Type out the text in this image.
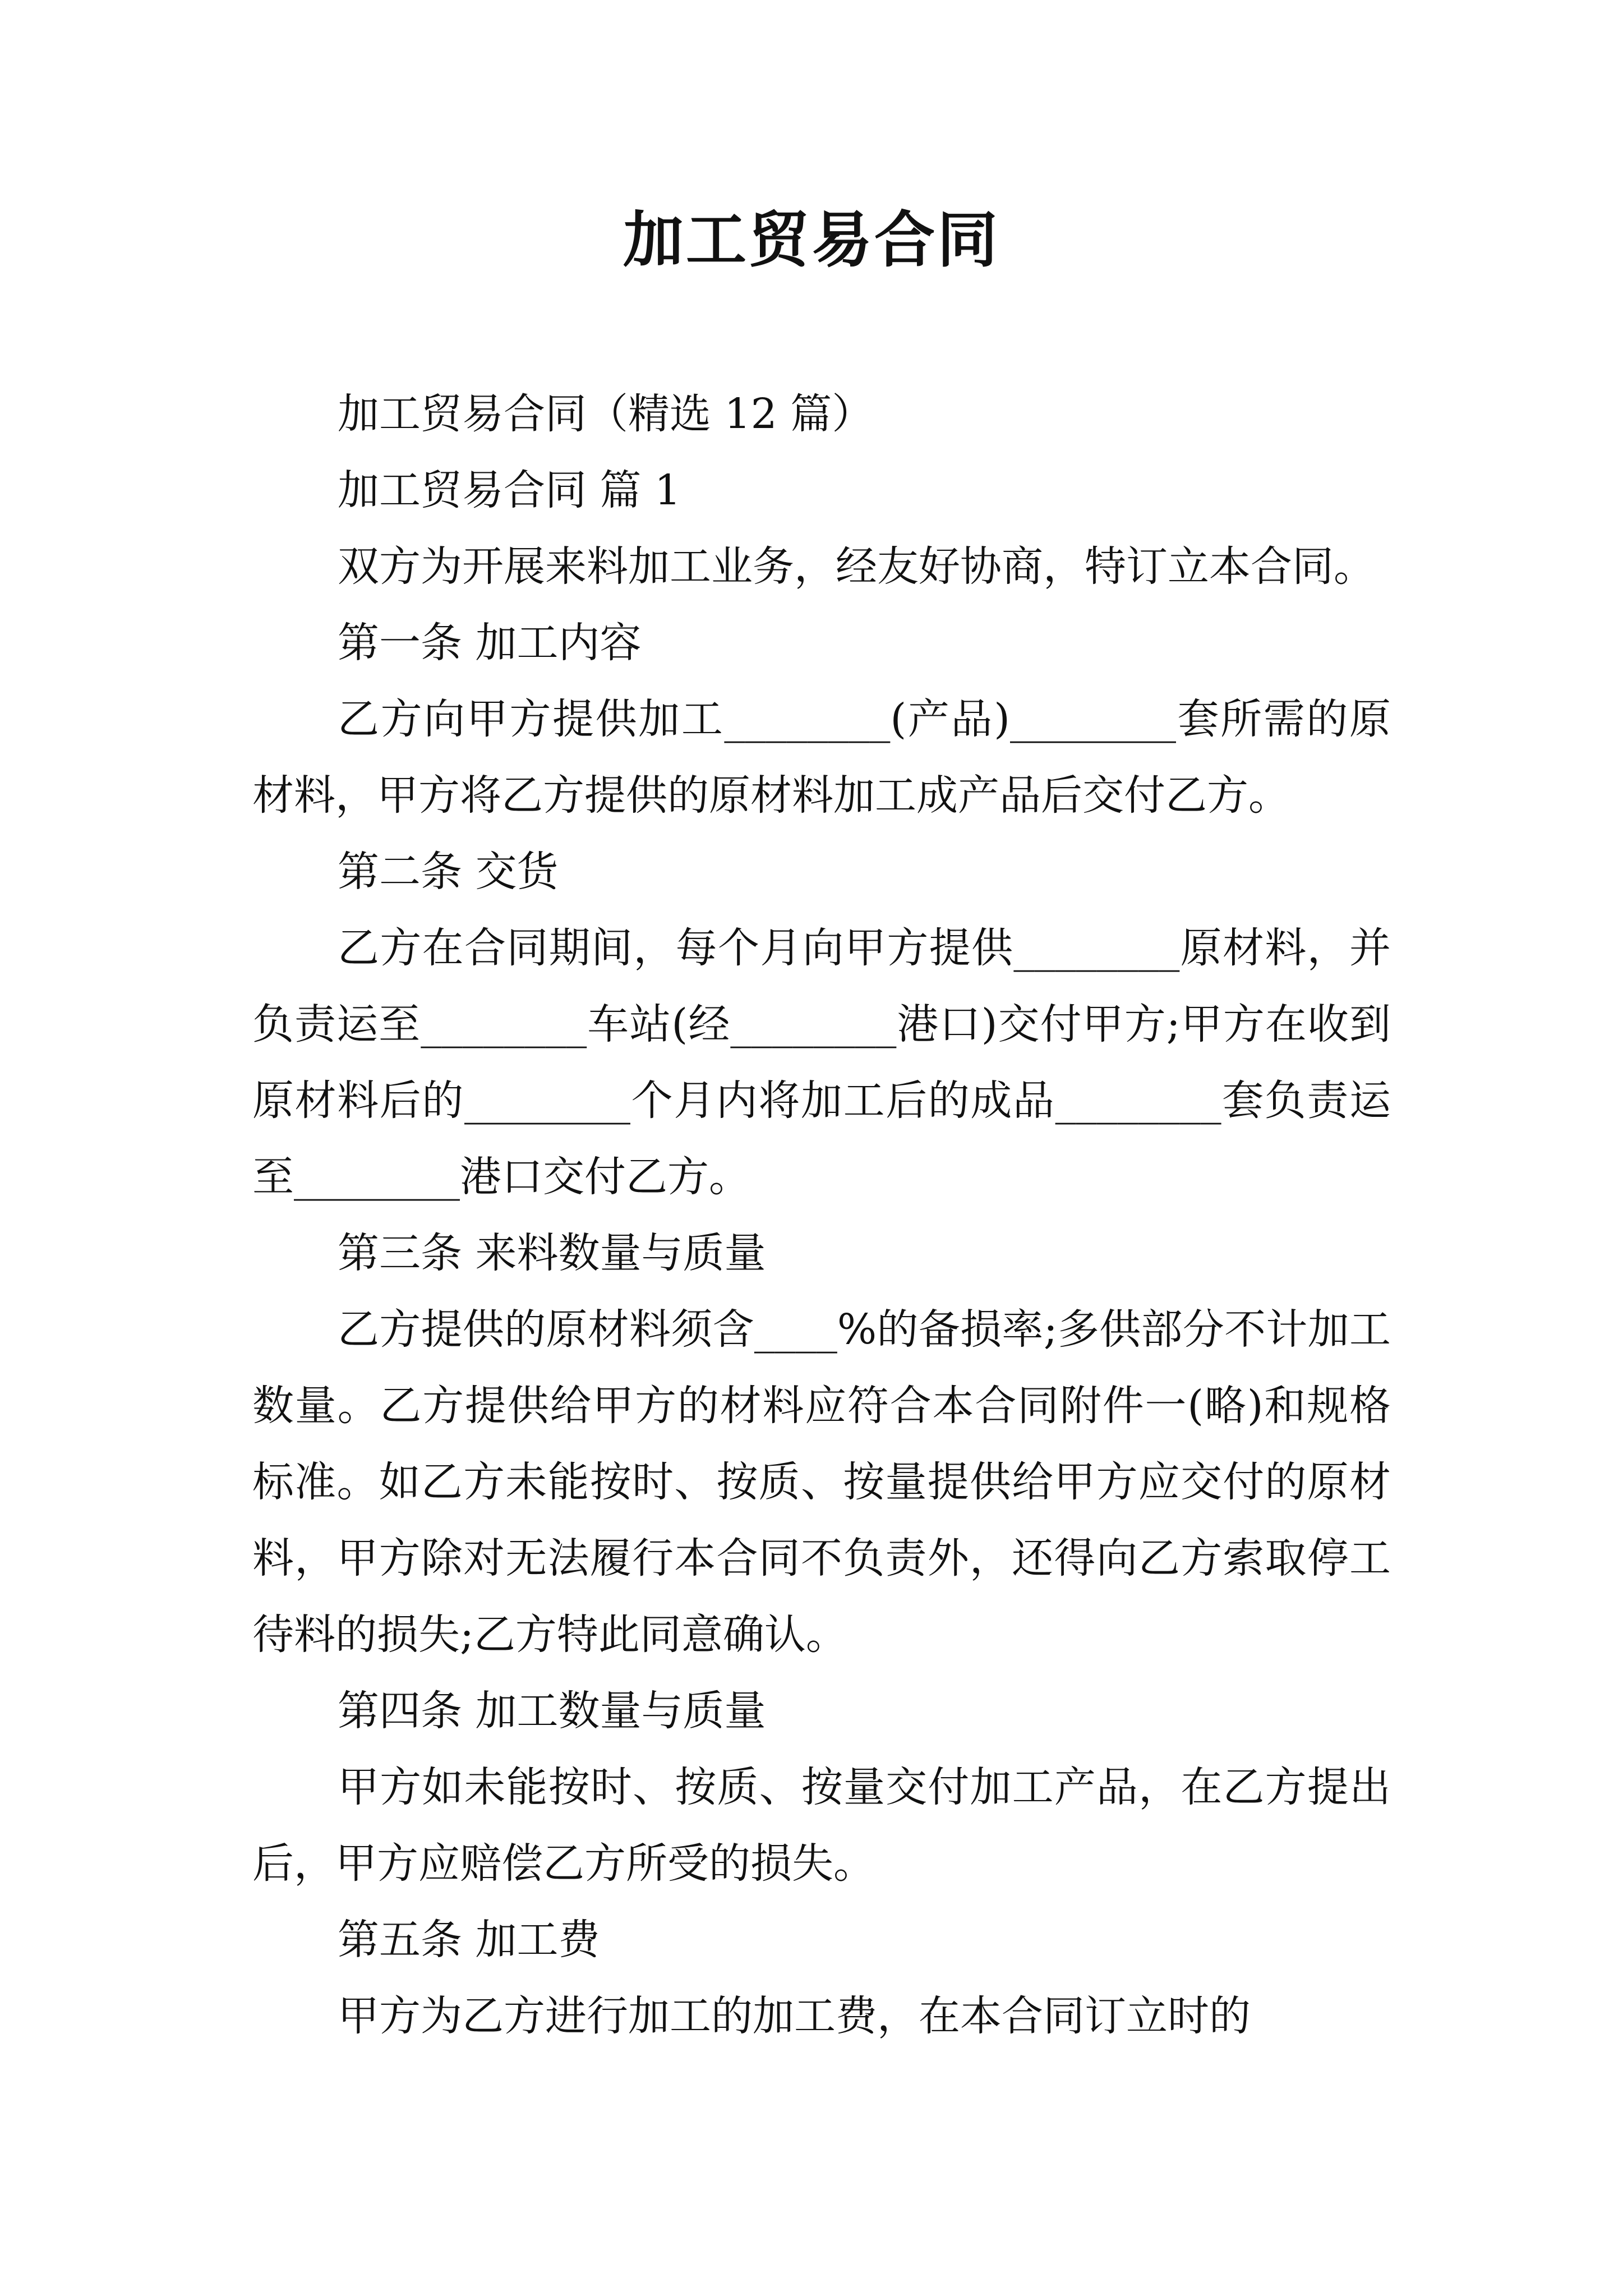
加工贸易合同

加工贸易合同（精选 12 篇）

加工贸易合同 篇 1

双方为开展来料加工业务，经友好协商，特订立本合同。

第一条 加工内容

乙方向甲方提供加工________(产品)________套所需的原材料，甲方将乙方提供的原材料加工成产品后交付乙方。

第二条 交货

乙方在合同期间，每个月向甲方提供________原材料，并负责运至________车站(经________港口)交付甲方;甲方在收到原材料后的________个月内将加工后的成品________套负责运至________港口交付乙方。

第三条 来料数量与质量

乙方提供的原材料须含____%的备损率;多供部分不计加工数量。乙方提供给甲方的材料应符合本合同附件一(略)和规格标准。如乙方未能按时、按质、按量提供给甲方应交付的原材料，甲方除对无法履行本合同不负责外，还得向乙方索取停工待料的损失;乙方特此同意确认。

第四条 加工数量与质量

甲方如未能按时、按质、按量交付加工产品，在乙方提出后，甲方应赔偿乙方所受的损失。

第五条 加工费

甲方为乙方进行加工的加工费，在本合同订立时的
